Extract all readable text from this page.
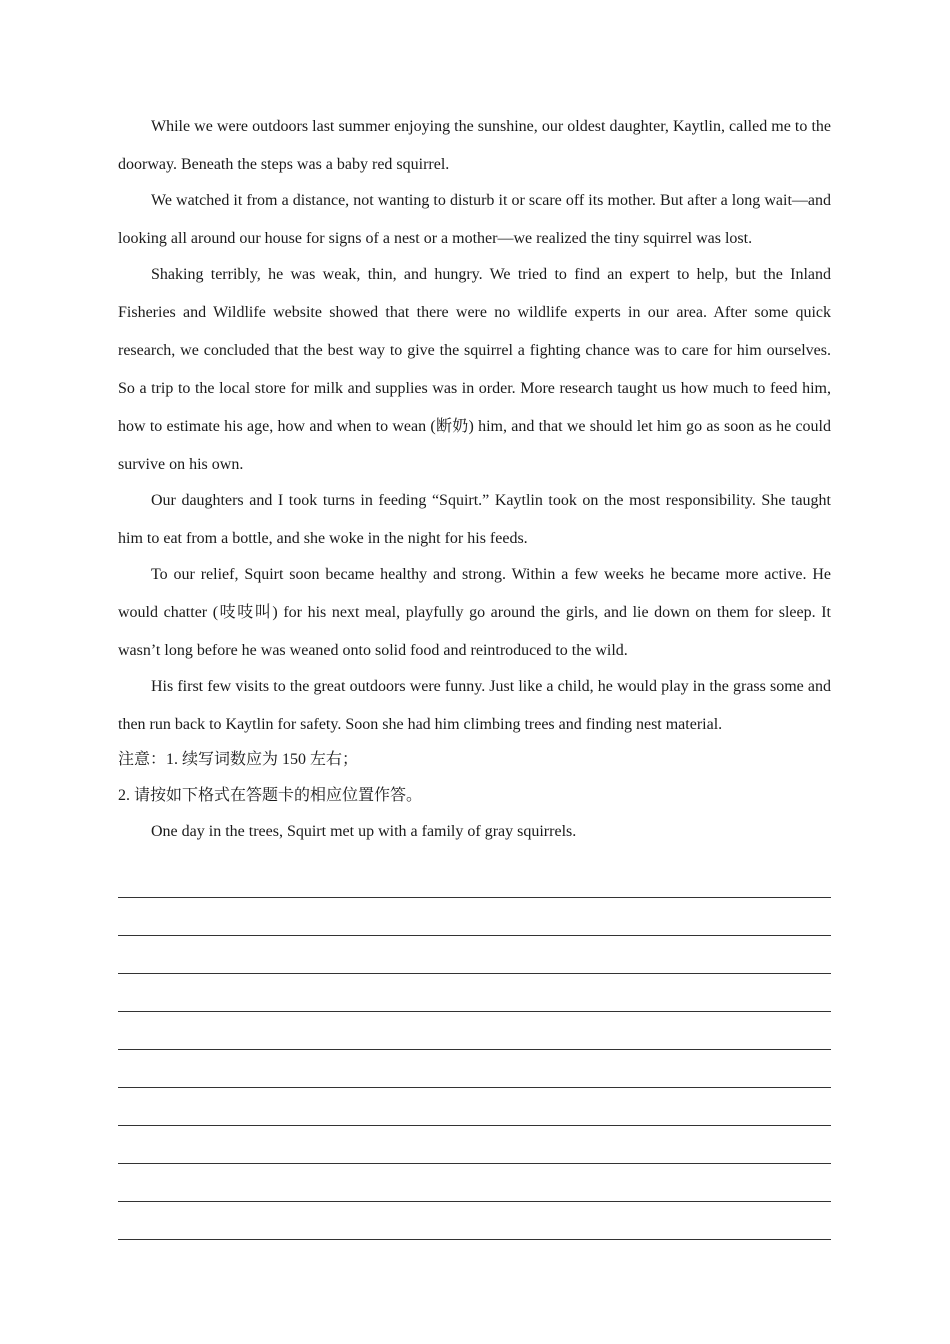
While we were outdoors last summer enjoying the sunshine, our oldest daughter, Kaytlin, called me to the doorway. Beneath the steps was a baby red squirrel.

We watched it from a distance, not wanting to disturb it or scare off its mother. But after a long wait—and looking all around our house for signs of a nest or a mother—we realized the tiny squirrel was lost.

Shaking terribly, he was weak, thin, and hungry. We tried to find an expert to help, but the Inland Fisheries and Wildlife website showed that there were no wildlife experts in our area. After some quick research, we concluded that the best way to give the squirrel a fighting chance was to care for him ourselves. So a trip to the local store for milk and supplies was in order. More research taught us how much to feed him, how to estimate his age, how and when to wean (断奶) him, and that we should let him go as soon as he could survive on his own.

Our daughters and I took turns in feeding “Squirt.” Kaytlin took on the most responsibility. She taught him to eat from a bottle, and she woke in the night for his feeds.

To our relief, Squirt soon became healthy and strong. Within a few weeks he became more active. He would chatter (吱吱叫) for his next meal, playfully go around the girls, and lie down on them for sleep. It wasn’t long before he was weaned onto solid food and reintroduced to the wild.

His first few visits to the great outdoors were funny. Just like a child, he would play in the grass some and then run back to Kaytlin for safety. Soon she had him climbing trees and finding nest material.

注意：1. 续写词数应为 150 左右；

2. 请按如下格式在答题卡的相应位置作答。

One day in the trees, Squirt met up with a family of gray squirrels.
